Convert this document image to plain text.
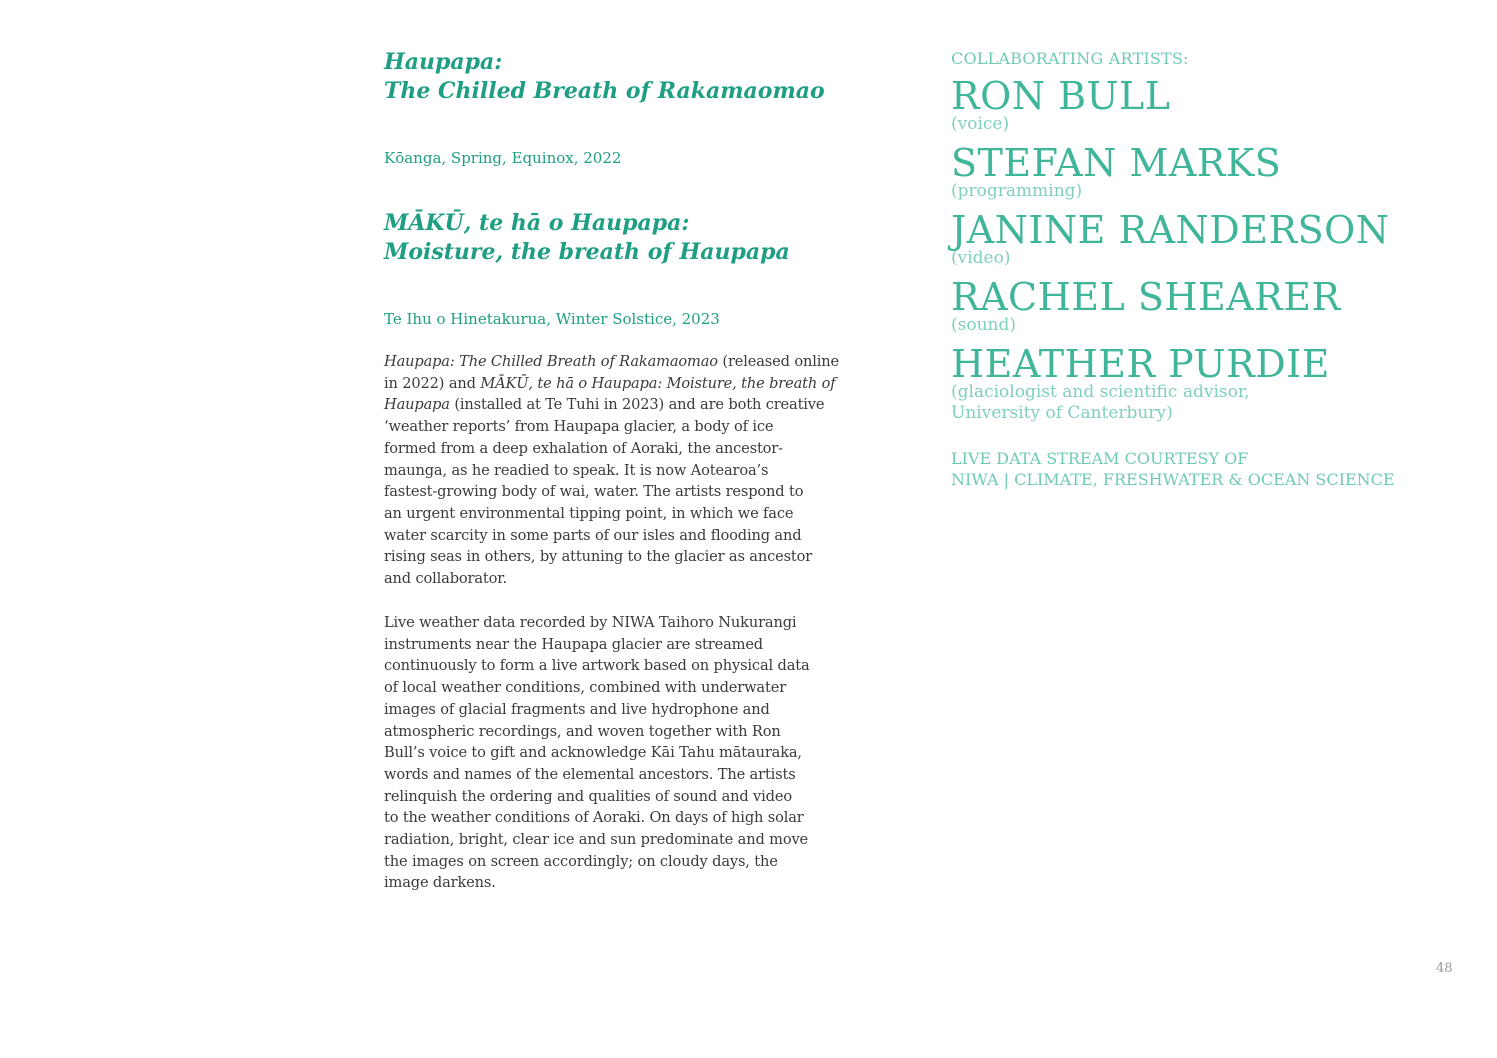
Haupapa:
The Chilled Breath of Rakamaomao

Kōanga, Spring, Equinox, 2022

MĀKŪ, te hā o Haupapa:
Moisture, the breath of Haupapa

Te Ihu o Hinetakurua, Winter Solstice, 2023

Haupapa: The Chilled Breath of Rakamaomao (released online
in 2022) and MĀKŪ, te hā o Haupapa: Moisture, the breath of
Haupapa (installed at Te Tuhi in 2023) and are both creative
‘weather reports’ from Haupapa glacier, a body of ice
formed from a deep exhalation of Aoraki, the ancestor-
maunga, as he readied to speak. It is now Aotearoa’s
fastest-growing body of wai, water. The artists respond to
an urgent environmental tipping point, in which we face
water scarcity in some parts of our isles and flooding and
rising seas in others, by attuning to the glacier as ancestor
and collaborator.

Live weather data recorded by NIWA Taihoro Nukurangi
instruments near the Haupapa glacier are streamed
continuously to form a live artwork based on physical data
of local weather conditions, combined with underwater
images of glacial fragments and live hydrophone and
atmospheric recordings, and woven together with Ron
Bull’s voice to gift and acknowledge Kāi Tahu mātauraka,
words and names of the elemental ancestors. The artists
relinquish the ordering and qualities of sound and video
to the weather conditions of Aoraki. On days of high solar
radiation, bright, clear ice and sun predominate and move
the images on screen accordingly; on cloudy days, the
image darkens.

COLLABORATING ARTISTS:

RON BULL
(voice)
STEFAN MARKS
(programming)
JANINE RANDERSON
(video)
RACHEL SHEARER
(sound)
HEATHER PURDIE
(glaciologist and scientific advisor,
University of Canterbury)
LIVE DATA STREAM COURTESY OF
NIWA | CLIMATE, FRESHWATER & OCEAN SCIENCE
48
